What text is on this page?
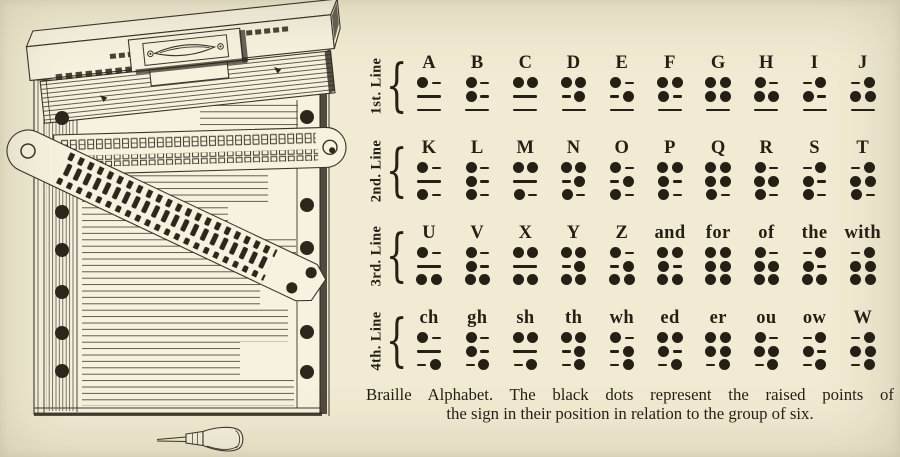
1st. Line { A B C D E F G H I J
2nd. Line { K L M N O P Q R S T
3rd. Line { U V X Y Z and for of the with
4th. Line { ch gh sh th wh ed er ou ow W
Braille Alphabet. The black dots represent the raised points of
the sign in their position in relation to the group of six.
